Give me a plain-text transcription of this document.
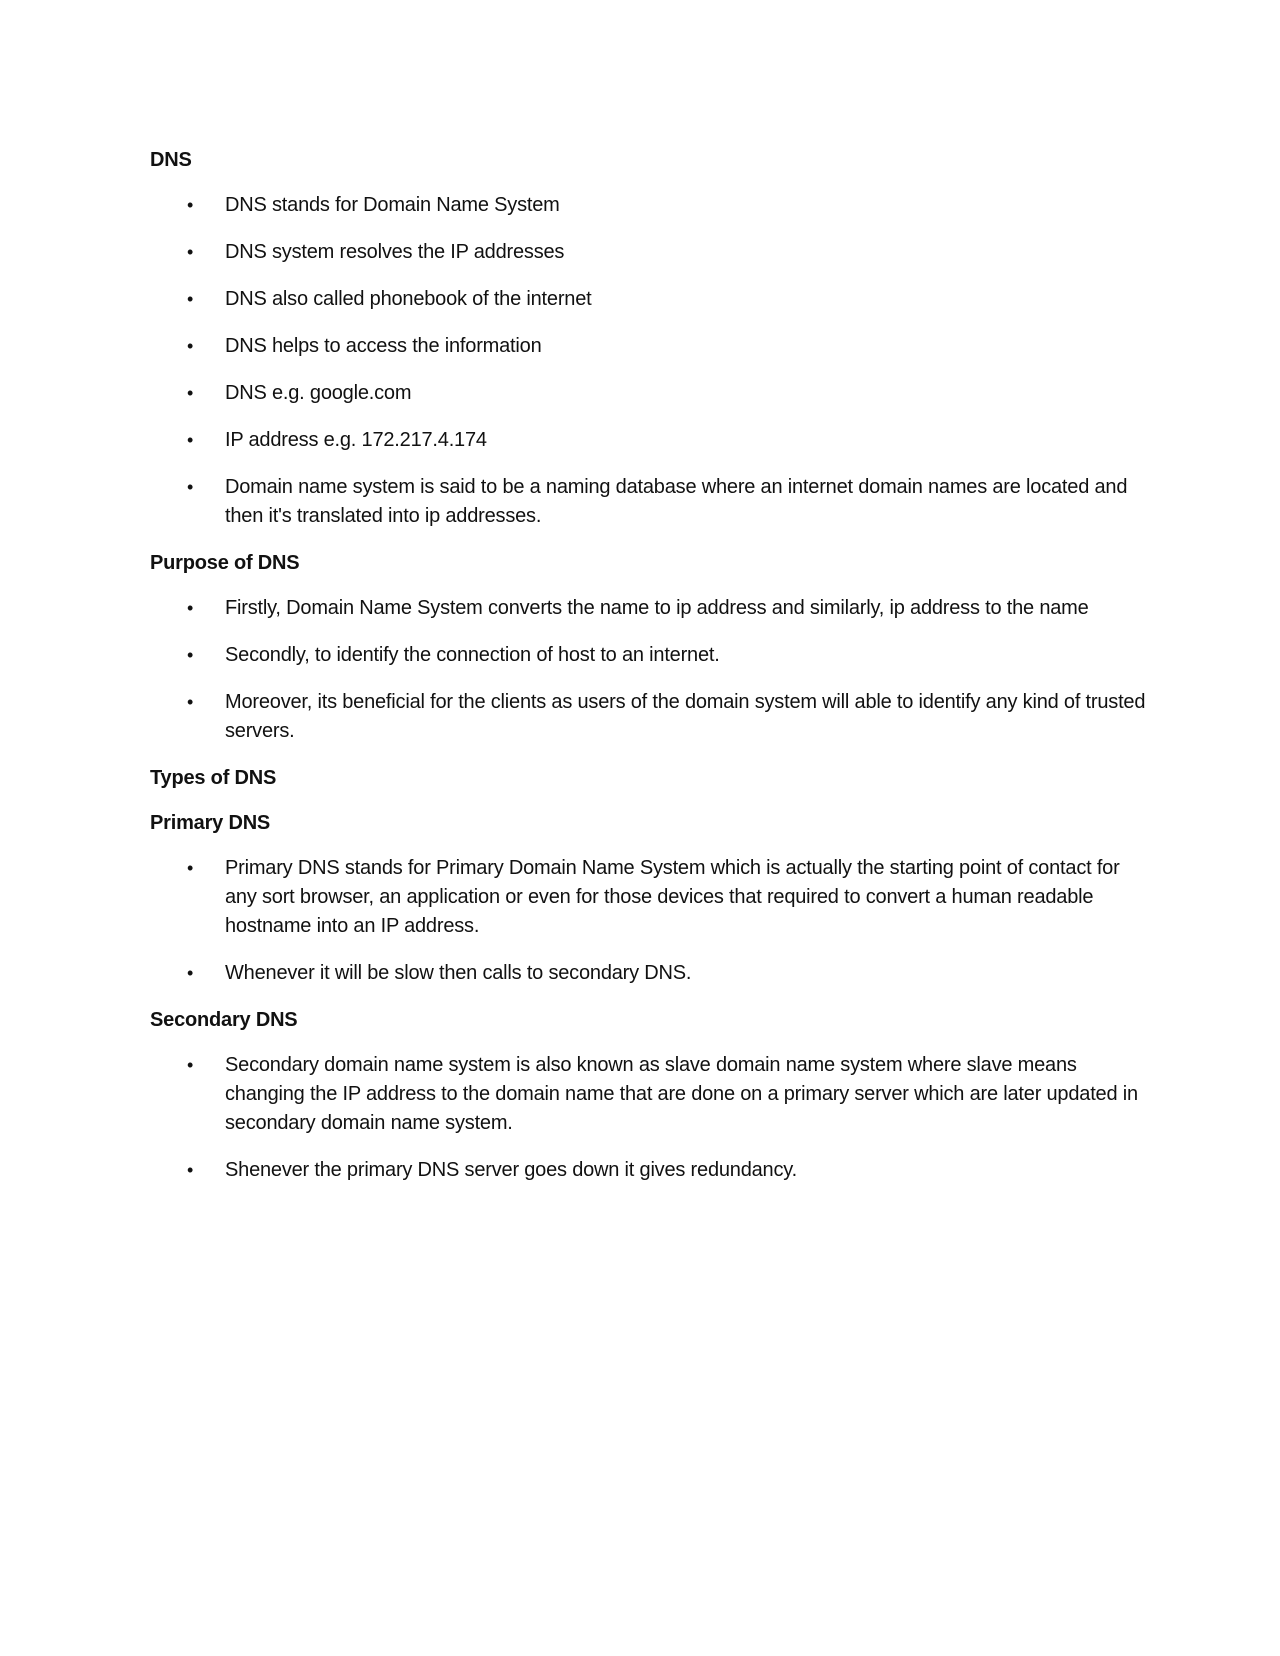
DNS
• DNS stands for Domain Name System
• DNS system resolves the IP addresses
• DNS also called phonebook of the internet
• DNS helps to access the information
• DNS e.g. google.com
• IP address e.g. 172.217.4.174
• Domain name system is said to be a naming database where an internet domain names are located and then it's translated into ip addresses.
Purpose of DNS
• Firstly, Domain Name System converts the name to ip address and similarly, ip address to the name
• Secondly, to identify the connection of host to an internet.
• Moreover, its beneficial for the clients as users of the domain system will able to identify any kind of trusted servers.
Types of DNS
Primary DNS
• Primary DNS stands for Primary Domain Name System which is actually the starting point of contact for any sort browser, an application or even for those devices that required to convert a human readable hostname into an IP address.
• Whenever it will be slow then calls to secondary DNS.
Secondary DNS
• Secondary domain name system is also known as slave domain name system where slave means changing the IP address to the domain name that are done on a primary server which are later updated in secondary domain name system.
• Shenever the primary DNS server goes down it gives redundancy.
